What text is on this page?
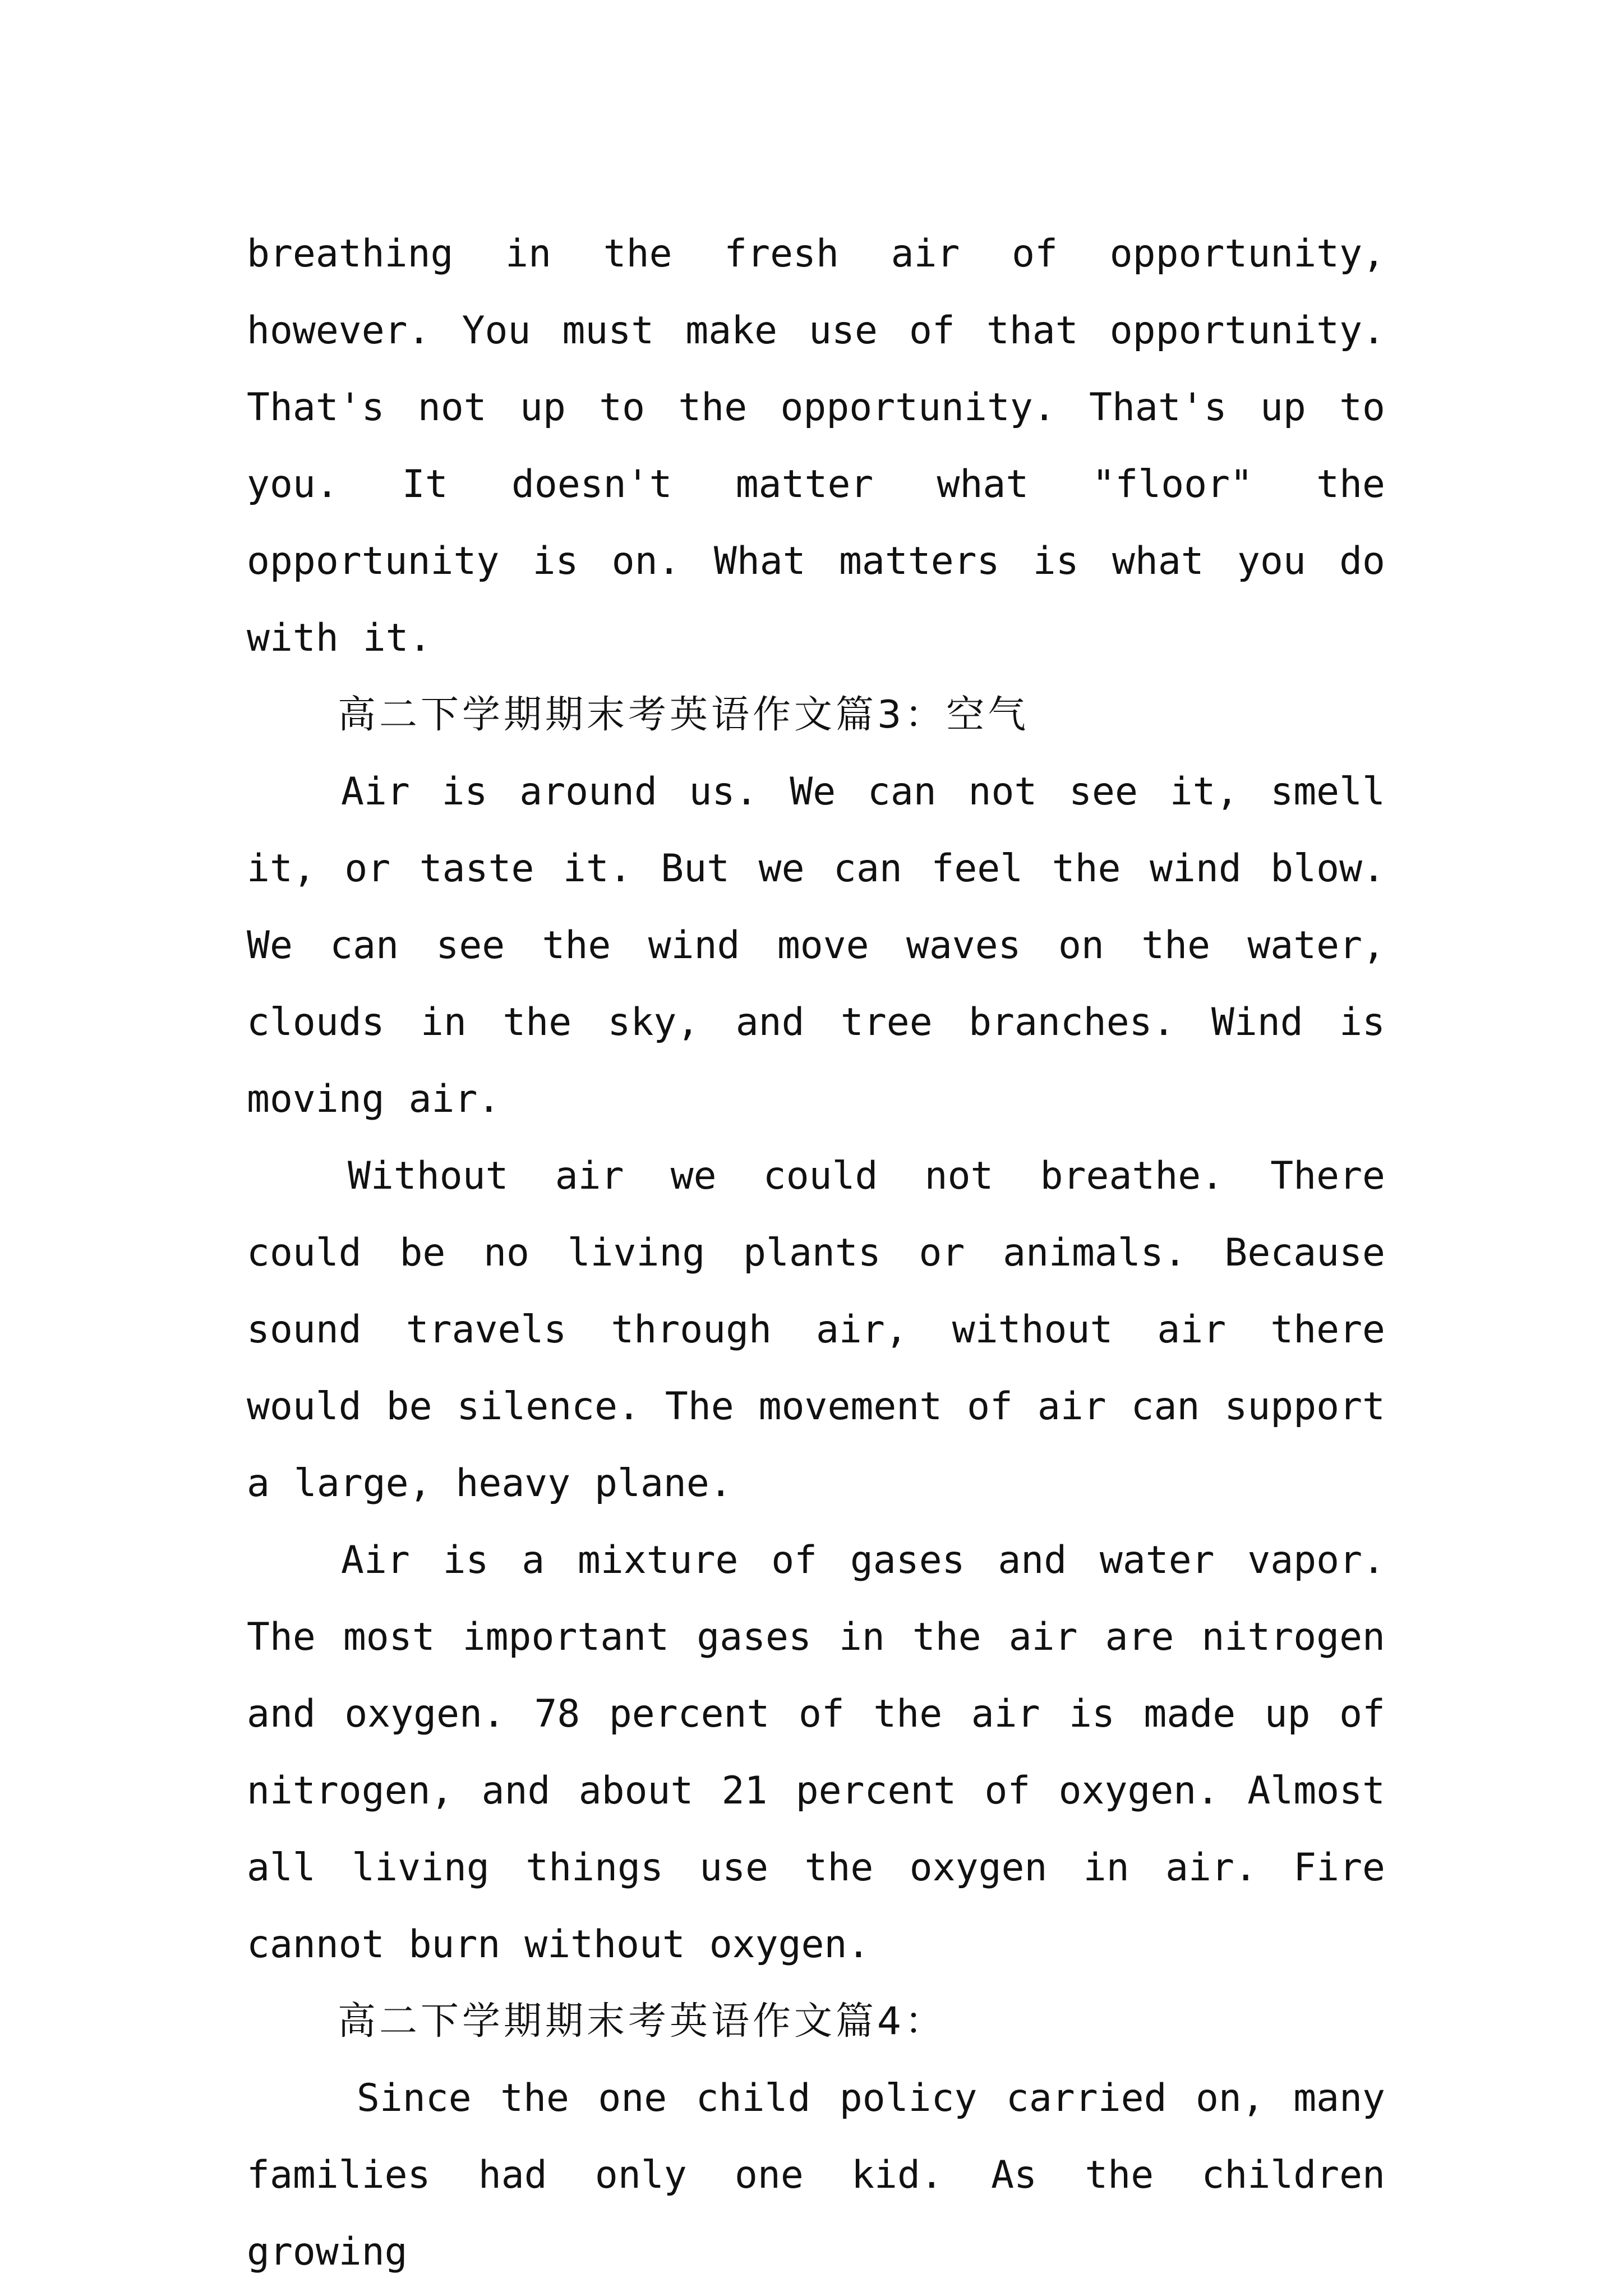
breathing in the fresh air of opportunity, however. You must make use of that opportunity. That's not up to the opportunity. That's up to you. It doesn't matter what "floor" the opportunity is on. What matters is what you do with it.

高二下学期期末考英语作文篇3：空气

Air is around us. We can not see it, smell it, or taste it. But we can feel the wind blow. We can see the wind move waves on the water, clouds in the sky, and tree branches. Wind is moving air.

Without air we could not breathe. There could be no living plants or animals. Because sound travels through air, without air there would be silence. The movement of air can support a large, heavy plane.

Air is a mixture of gases and water vapor. The most important gases in the air are nitrogen and oxygen. 78 percent of the air is made up of nitrogen, and about 21 percent of oxygen. Almost all living things use the oxygen in air. Fire cannot burn without oxygen.

高二下学期期末考英语作文篇4：

Since the one child policy carried on, many families had only one kid. As the children growing
